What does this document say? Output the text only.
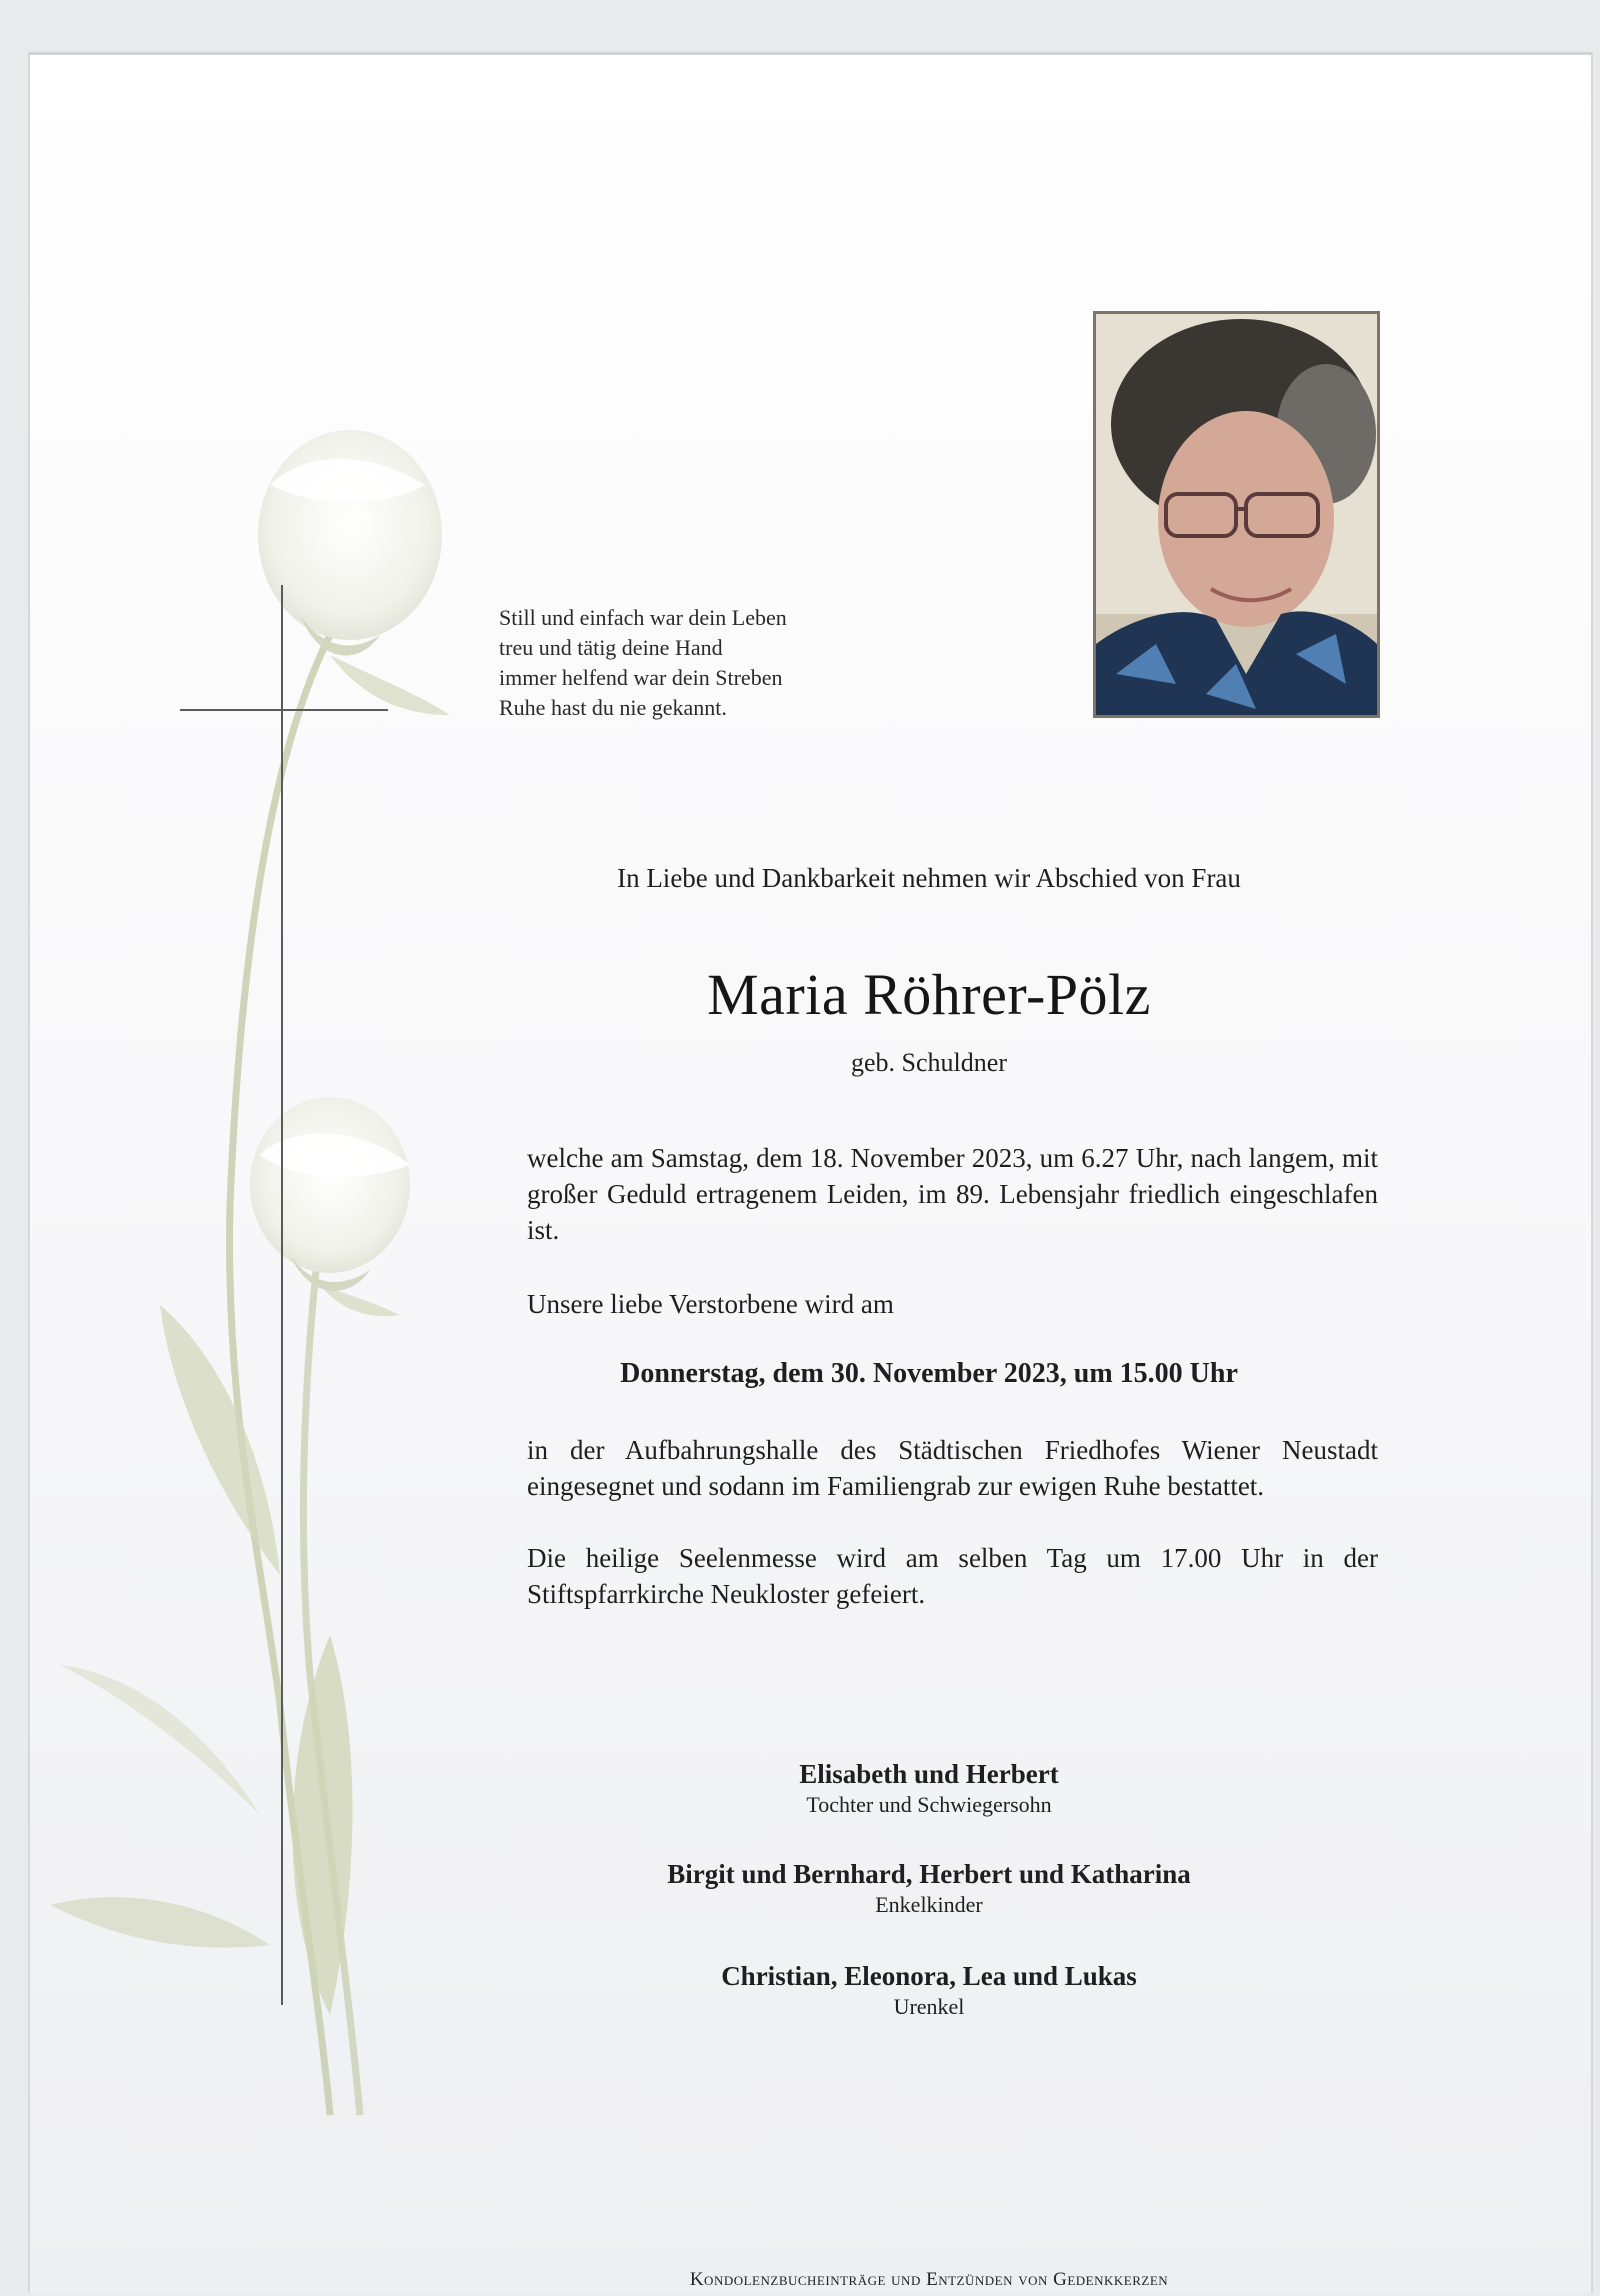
Still und einfach war dein Leben
treu und tätig deine Hand
immer helfend war dein Streben
Ruhe hast du nie gekannt.
In Liebe und Dankbarkeit nehmen wir Abschied von Frau
Maria Röhrer-Pölz
geb. Schuldner
welche am Samstag, dem 18. November 2023, um 6.27 Uhr, nach langem, mit großer Geduld ertragenem Leiden, im 89. Lebensjahr friedlich eingeschlafen ist.
Unsere liebe Verstorbene wird am
Donnerstag, dem 30. November 2023, um 15.00 Uhr
in der Aufbahrungshalle des Städtischen Friedhofes Wiener Neustadt eingesegnet und sodann im Familiengrab zur ewigen Ruhe bestattet.
Die heilige Seelenmesse wird am selben Tag um 17.00 Uhr in der Stiftspfarrkirche Neukloster gefeiert.
Elisabeth und Herbert
Tochter und Schwiegersohn
Birgit und Bernhard, Herbert und Katharina
Enkelkinder
Christian, Eleonora, Lea und Lukas
Urenkel
Kondolenzbucheinträge und Entzünden von Gedenkkerzen
